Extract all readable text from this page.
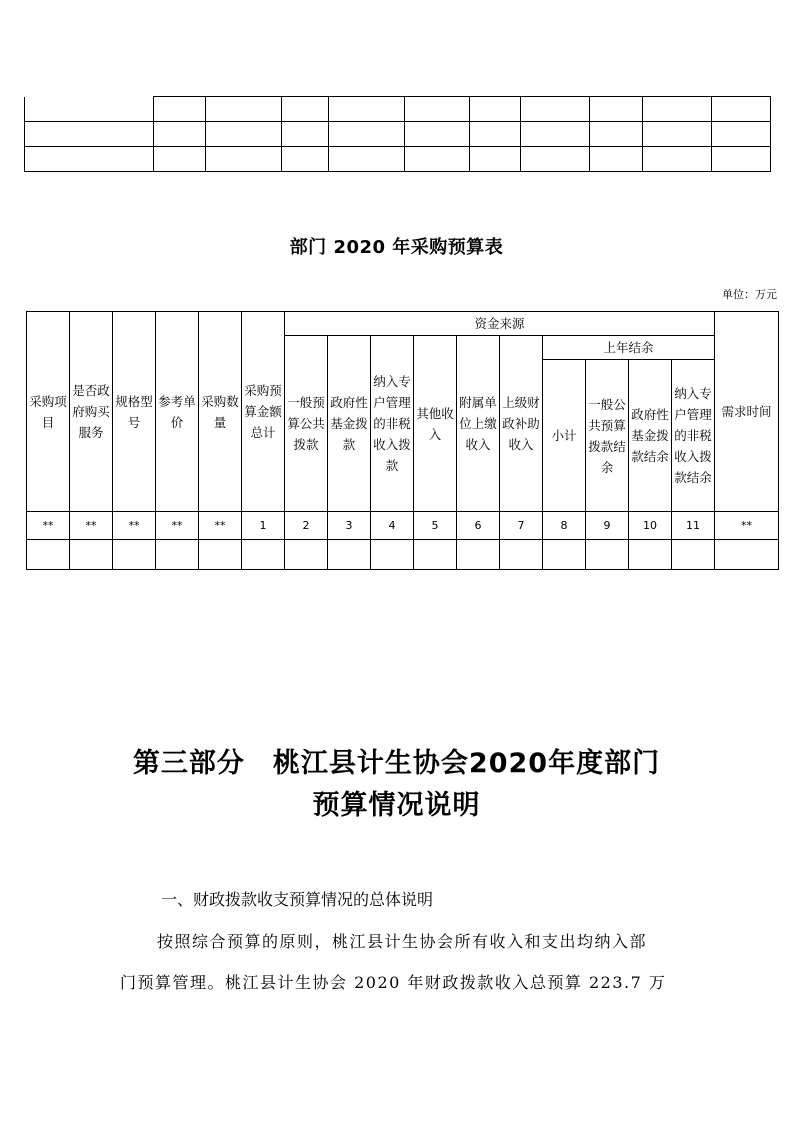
部门 2020 年采购预算表
单位：万元
采购项目	是否政府购买服务	规格型号	参考单价	采购数量	采购预算金额总计	资金来源										需求时间
						一般预算公共拨款	政府性基金拨款	纳入专户管理的非税收入拨款	其他收入	附属单位上缴收入	上级财政补助收入	上年结余				
												小计	一般公共预算拨款结余	政府性基金拨款结余	纳入专户管理的非税收入拨款结余	
**	**	**	**	**	1	2	3	4	5	6	7	8	9	10	11	**

第三部分　桃江县计生协会2020年度部门
预算情况说明
一、财政拨款收支预算情况的总体说明
按照综合预算的原则，桃江县计生协会所有收入和支出均纳入部
门预算管理。桃江县计生协会 2020 年财政拨款收入总预算 223.7 万
